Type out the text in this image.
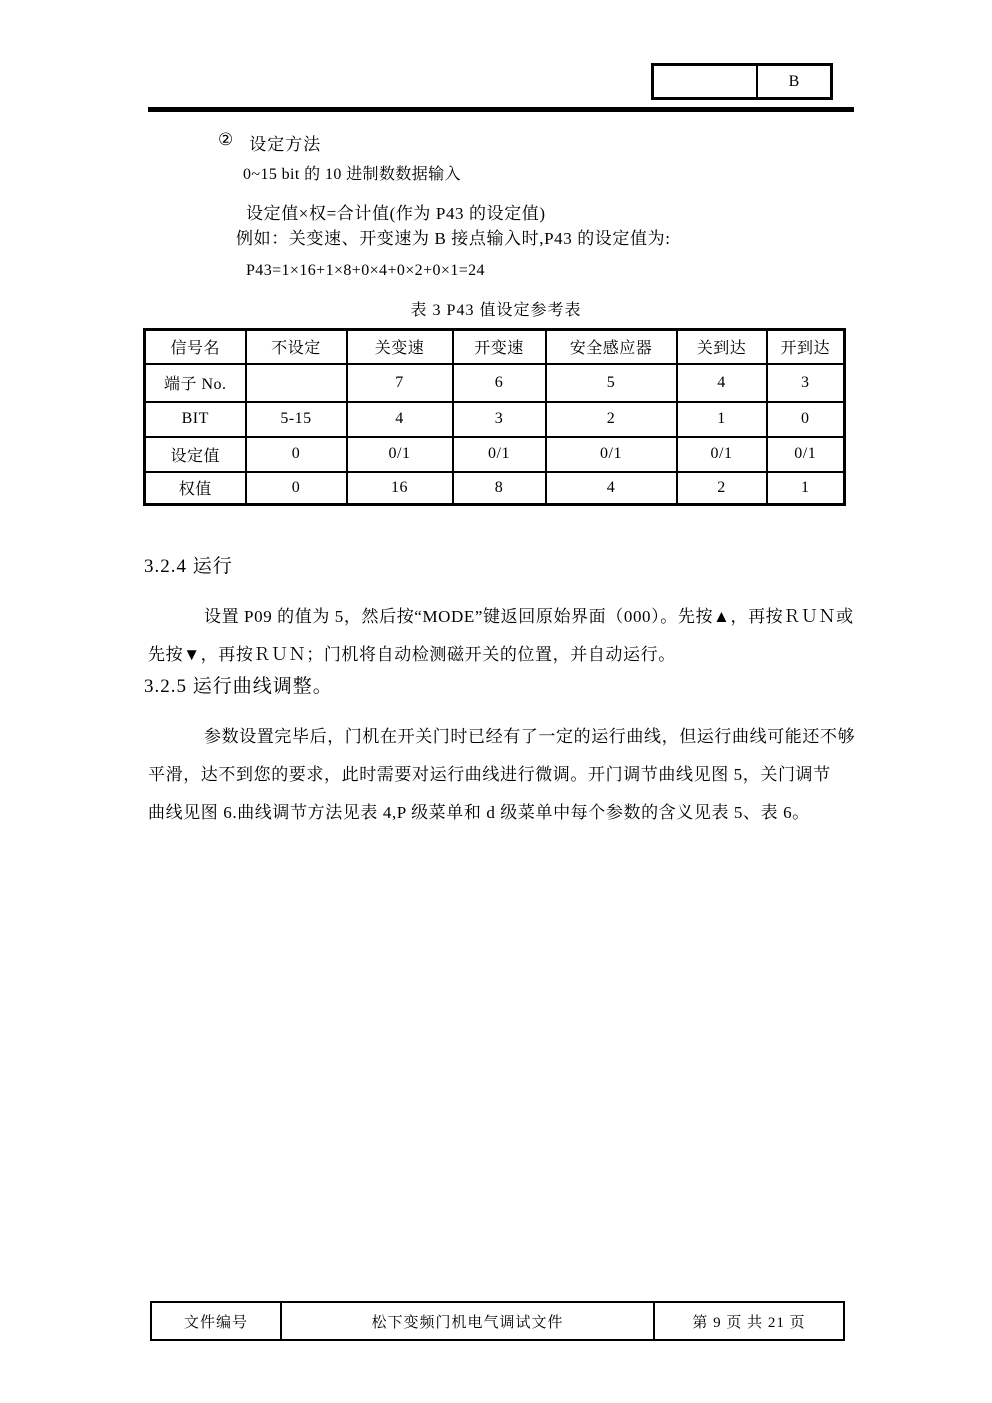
B
② 设定方法
0~15 bit 的 10 进制数数据输入
设定值×权=合计值(作为 P43 的设定值)
例如：关变速、开变速为 B 接点输入时,P43 的设定值为:
P43=1×16+1×8+0×4+0×2+0×1=24
表 3 P43 值设定参考表
信号名	不设定	关变速	开变速	安全感应器	关到达	开到达
端子 No.		7	6	5	4	3
BIT	5-15	4	3	2	1	0
设定值	0	0/1	0/1	0/1	0/1	0/1
权值	0	16	8	4	2	1
3.2.4 运行
设置 P09 的值为 5，然后按“MODE”键返回原始界面（000）。先按▲，再按ＲＵＮ或
先按▼，再按ＲＵＮ；门机将自动检测磁开关的位置，并自动运行。
3.2.5 运行曲线调整。
参数设置完毕后，门机在开关门时已经有了一定的运行曲线，但运行曲线可能还不够
平滑，达不到您的要求，此时需要对运行曲线进行微调。开门调节曲线见图 5，关门调节
曲线见图 6.曲线调节方法见表 4,P 级菜单和 d 级菜单中每个参数的含义见表 5、表 6。
文件编号	松下变频门机电气调试文件	第 9 页 共 21 页
